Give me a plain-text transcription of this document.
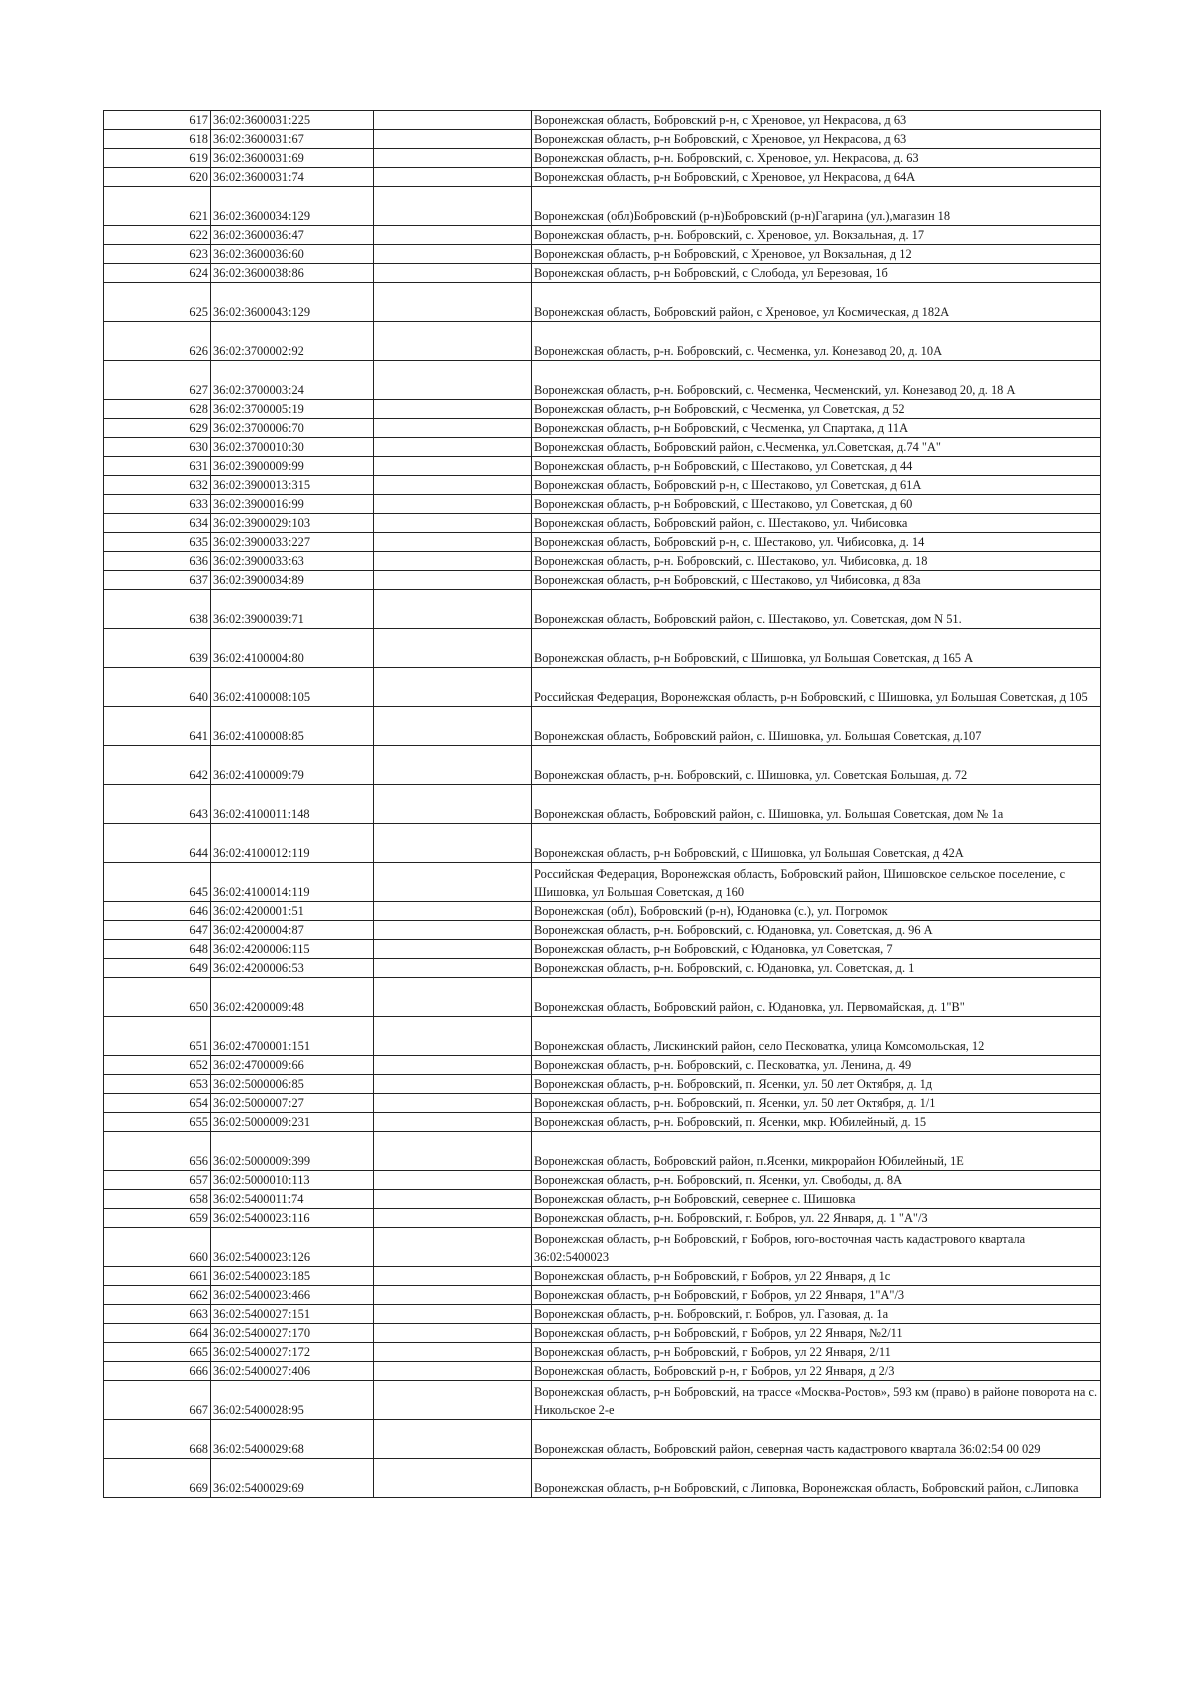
617	36:02:3600031:225		Воронежская область, Бобровский р-н, с Хреновое, ул Некрасова, д 63
618	36:02:3600031:67		Воронежская область, р-н Бобровский, с Хреновое, ул Некрасова, д 63
619	36:02:3600031:69		Воронежская область, р-н. Бобровский, с. Хреновое, ул. Некрасова, д. 63
620	36:02:3600031:74		Воронежская область, р-н Бобровский, с Хреновое, ул Некрасова, д 64А
621	36:02:3600034:129		Воронежская (обл)Бобровский (р-н)Бобровский (р-н)Гагарина (ул.),магазин 18
622	36:02:3600036:47		Воронежская область, р-н. Бобровский, с. Хреновое, ул. Вокзальная, д. 17
623	36:02:3600036:60		Воронежская область, р-н Бобровский, с Хреновое, ул Вокзальная, д 12
624	36:02:3600038:86		Воронежская область, р-н Бобровский, с Слобода, ул Березовая, 1б
625	36:02:3600043:129		Воронежская область, Бобровский район, с Хреновое, ул Космическая, д 182А
626	36:02:3700002:92		Воронежская область, р-н. Бобровский, с. Чесменка, ул. Конезавод 20, д. 10А
627	36:02:3700003:24		Воронежская область, р-н. Бобровский, с. Чесменка, Чесменский, ул. Конезавод 20, д. 18 А
628	36:02:3700005:19		Воронежская область, р-н Бобровский, с Чесменка, ул Советская, д 52
629	36:02:3700006:70		Воронежская область, р-н Бобровский, с Чесменка, ул Спартака, д 11А
630	36:02:3700010:30		Воронежская область, Бобровский район, с.Чесменка, ул.Советская, д.74 "А"
631	36:02:3900009:99		Воронежская область, р-н Бобровский, с Шестаково, ул Советская, д 44
632	36:02:3900013:315		Воронежская область, Бобровский р-н, с Шестаково, ул Советская, д 61А
633	36:02:3900016:99		Воронежская область, р-н Бобровский, с Шестаково, ул Советская, д 60
634	36:02:3900029:103		Воронежская область, Бобровский район, с. Шестаково, ул. Чибисовка
635	36:02:3900033:227		Воронежская область, Бобровский р-н, с. Шестаково, ул. Чибисовка, д. 14
636	36:02:3900033:63		Воронежская область, р-н. Бобровский, с. Шестаково, ул. Чибисовка, д. 18
637	36:02:3900034:89		Воронежская область, р-н Бобровский, с Шестаково, ул Чибисовка, д 83а
638	36:02:3900039:71		Воронежская область, Бобровский район, с. Шестаково, ул. Советская, дом N 51.
639	36:02:4100004:80		Воронежская область, р-н Бобровский, с Шишовка, ул Большая Советская, д 165 А
640	36:02:4100008:105		Российская Федерация, Воронежская область, р-н Бобровский, с Шишовка, ул Большая Советская, д 105
641	36:02:4100008:85		Воронежская область, Бобровский район, с. Шишовка, ул. Большая Советская, д.107
642	36:02:4100009:79		Воронежская область, р-н. Бобровский, с. Шишовка, ул. Советская Большая, д. 72
643	36:02:4100011:148		Воронежская область, Бобровский район, с. Шишовка, ул. Большая Советская, дом № 1а
644	36:02:4100012:119		Воронежская область, р-н Бобровский, с Шишовка, ул Большая Советская, д 42А
645	36:02:4100014:119		Российская Федерация, Воронежская область, Бобровский район, Шишовское сельское поселение, с Шишовка, ул Большая Советская, д 160
646	36:02:4200001:51		Воронежская (обл), Бобровский (р-н), Юдановка (с.), ул. Погромок
647	36:02:4200004:87		Воронежская область, р-н. Бобровский, с. Юдановка, ул. Советская, д. 96 А
648	36:02:4200006:115		Воронежская область, р-н Бобровский, с Юдановка, ул Советская, 7
649	36:02:4200006:53		Воронежская область, р-н. Бобровский, с. Юдановка, ул. Советская, д. 1
650	36:02:4200009:48		Воронежская область, Бобровский район, с. Юдановка, ул. Первомайская, д. 1"В"
651	36:02:4700001:151		Воронежская область, Лискинский район, село Песковатка, улица Комсомольская, 12
652	36:02:4700009:66		Воронежская область, р-н. Бобровский, с. Песковатка, ул. Ленина, д. 49
653	36:02:5000006:85		Воронежская область, р-н. Бобровский, п. Ясенки, ул. 50 лет Октября, д. 1д
654	36:02:5000007:27		Воронежская область, р-н. Бобровский, п. Ясенки, ул. 50 лет Октября, д. 1/1
655	36:02:5000009:231		Воронежская область, р-н. Бобровский, п. Ясенки, мкр. Юбилейный, д. 15
656	36:02:5000009:399		Воронежская область, Бобровский район, п.Ясенки, микрорайон Юбилейный, 1Е
657	36:02:5000010:113		Воронежская область, р-н. Бобровский, п. Ясенки, ул. Свободы, д. 8А
658	36:02:5400011:74		Воронежская область, р-н Бобровский, севернее с. Шишовка
659	36:02:5400023:116		Воронежская область, р-н. Бобровский, г. Бобров, ул. 22 Января, д. 1 "А"/3
660	36:02:5400023:126		Воронежская область, р-н Бобровский, г Бобров, юго-восточная часть кадастрового квартала 36:02:5400023
661	36:02:5400023:185		Воронежская область, р-н Бобровский, г Бобров, ул 22 Января, д 1с
662	36:02:5400023:466		Воронежская область, р-н Бобровский, г Бобров, ул 22 Января, 1"А"/3
663	36:02:5400027:151		Воронежская область, р-н. Бобровский, г. Бобров, ул. Газовая, д. 1а
664	36:02:5400027:170		Воронежская область, р-н Бобровский, г Бобров, ул 22 Января, №2/11
665	36:02:5400027:172		Воронежская область, р-н Бобровский, г Бобров, ул 22 Января, 2/11
666	36:02:5400027:406		Воронежская область, Бобровский р-н, г Бобров, ул 22 Января, д 2/3
667	36:02:5400028:95		Воронежская область, р-н Бобровский, на трассе «Москва-Ростов», 593 км (право) в районе поворота на с. Никольское 2-е
668	36:02:5400029:68		Воронежская область, Бобровский район, северная часть кадастрового квартала 36:02:54 00 029
669	36:02:5400029:69		Воронежская область, р-н Бобровский, с Липовка, Воронежская область, Бобровский район, с.Липовка
